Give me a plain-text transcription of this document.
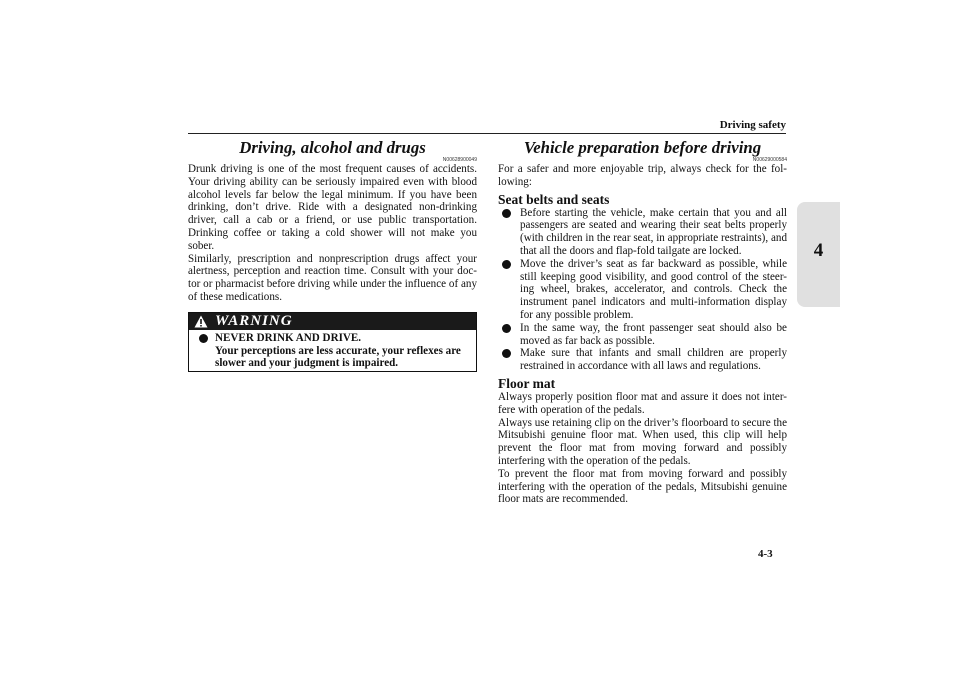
Driving safety
4
Driving, alcohol and drugs
N00628900049

Drunk driving is one of the most frequent causes of accidents. Your driving ability can be seriously impaired even with blood alcohol levels far below the legal minimum. If you have been drinking, don’t drive. Ride with a designated non-drinking driver, call a cab or a friend, or use public transportation. Drinking coffee or taking a cold shower will not make you sober.

Similarly, prescription and nonprescription drugs affect your alertness, perception and reaction time. Consult with your doc-tor or pharmacist before driving while under the influence of any of these medications.

WARNING
NEVER DRINK AND DRIVE.
Your perceptions are less accurate, your reflexes are slower and your judgment is impaired.
Vehicle preparation before driving
N00629000584

For a safer and more enjoyable trip, always check for the fol-lowing:

Seat belts and seats
Before starting the vehicle, make certain that you and all passengers are seated and wearing their seat belts properly (with children in the rear seat, in appropriate restraints), and that all the doors and flap-fold tailgate are locked.
Move the driver’s seat as far backward as possible, while still keeping good visibility, and good control of the steer-ing wheel, brakes, accelerator, and controls. Check the instrument panel indicators and multi-information display for any possible problem.
In the same way, the front passenger seat should also be moved as far back as possible.
Make sure that infants and small children are properly restrained in accordance with all laws and regulations.
Floor mat

Always properly position floor mat and assure it does not inter-fere with operation of the pedals.

Always use retaining clip on the driver’s floorboard to secure the Mitsubishi genuine floor mat. When used, this clip will help prevent the floor mat from moving forward and possibly interfering with the operation of the pedals.

To prevent the floor mat from moving forward and possibly interfering with the operation of the pedals, Mitsubishi genuine floor mats are recommended.

4-3
